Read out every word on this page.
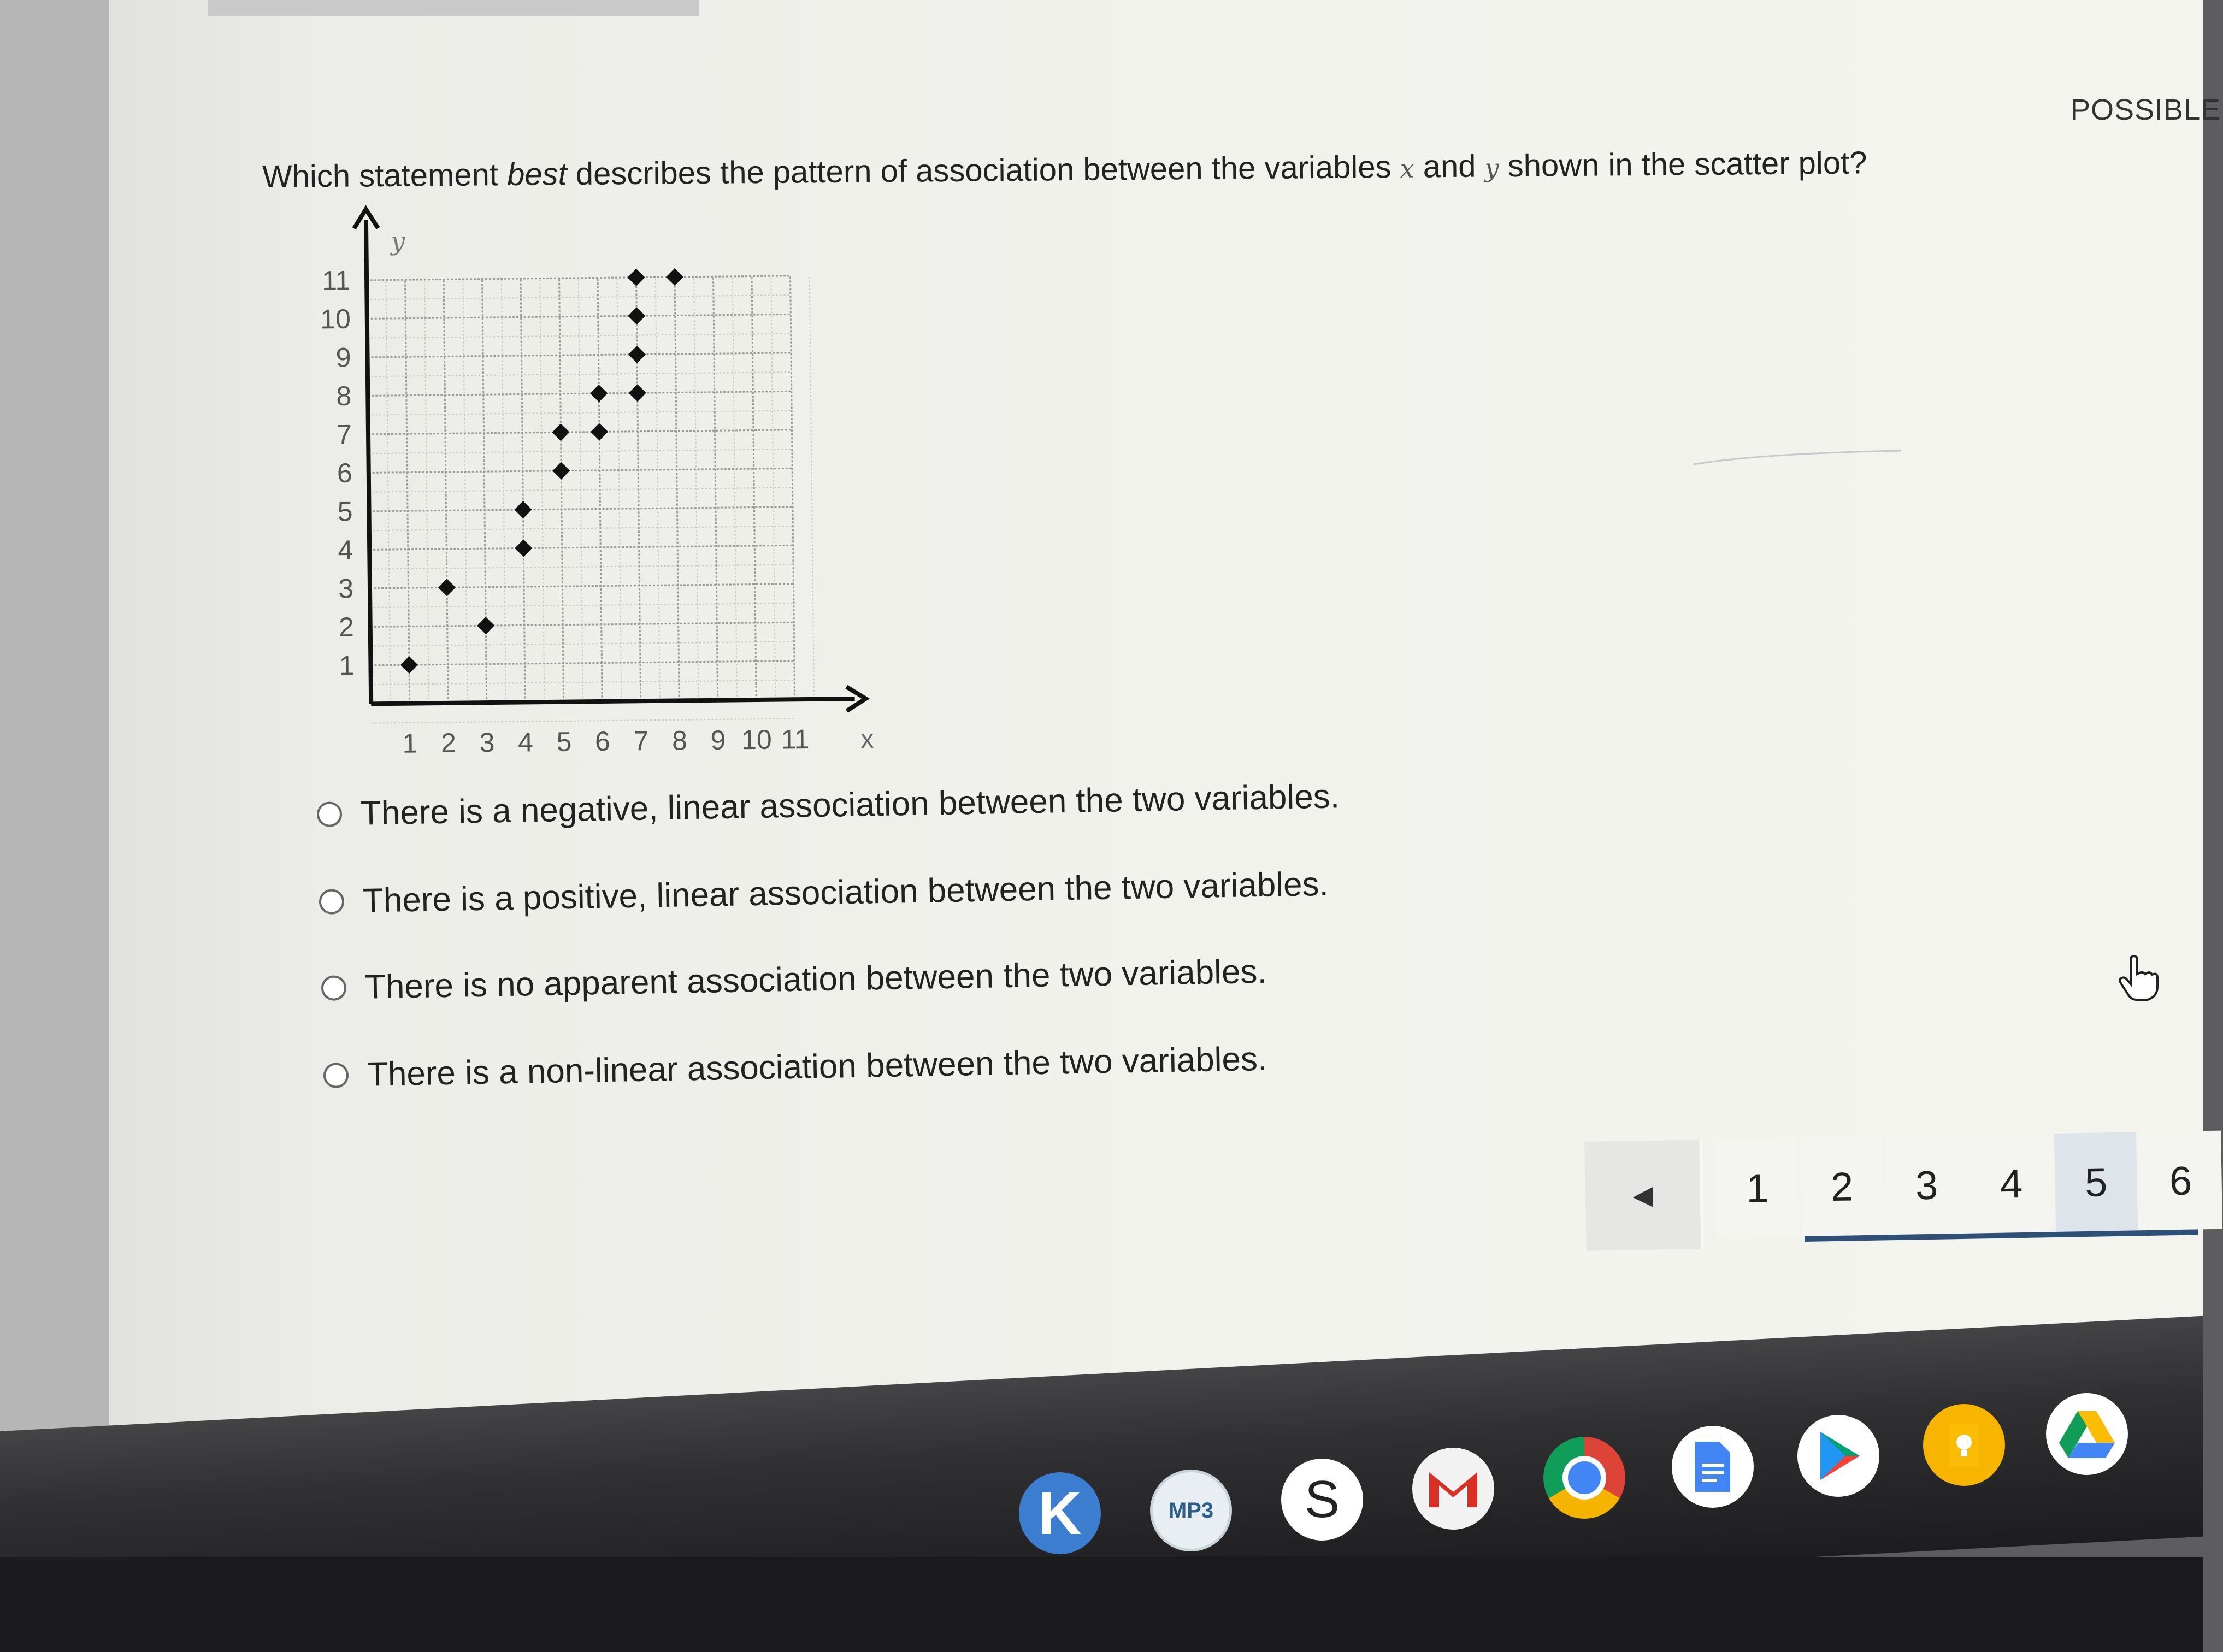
POSSIBLE
Which statement best describes the pattern of association between the variables x and y shown in the scatter plot?
1 2 3 4 5 6 7 8 9 10 11
1
2
3
4
5
6
7
8
9
10
11
x
y
There is a negative, linear association between the two variables.
There is a positive, linear association between the two variables.
There is no apparent association between the two variables.
There is a non-linear association between the two variables.
◀	1	2	3	4	5	6
K	MP3 S
